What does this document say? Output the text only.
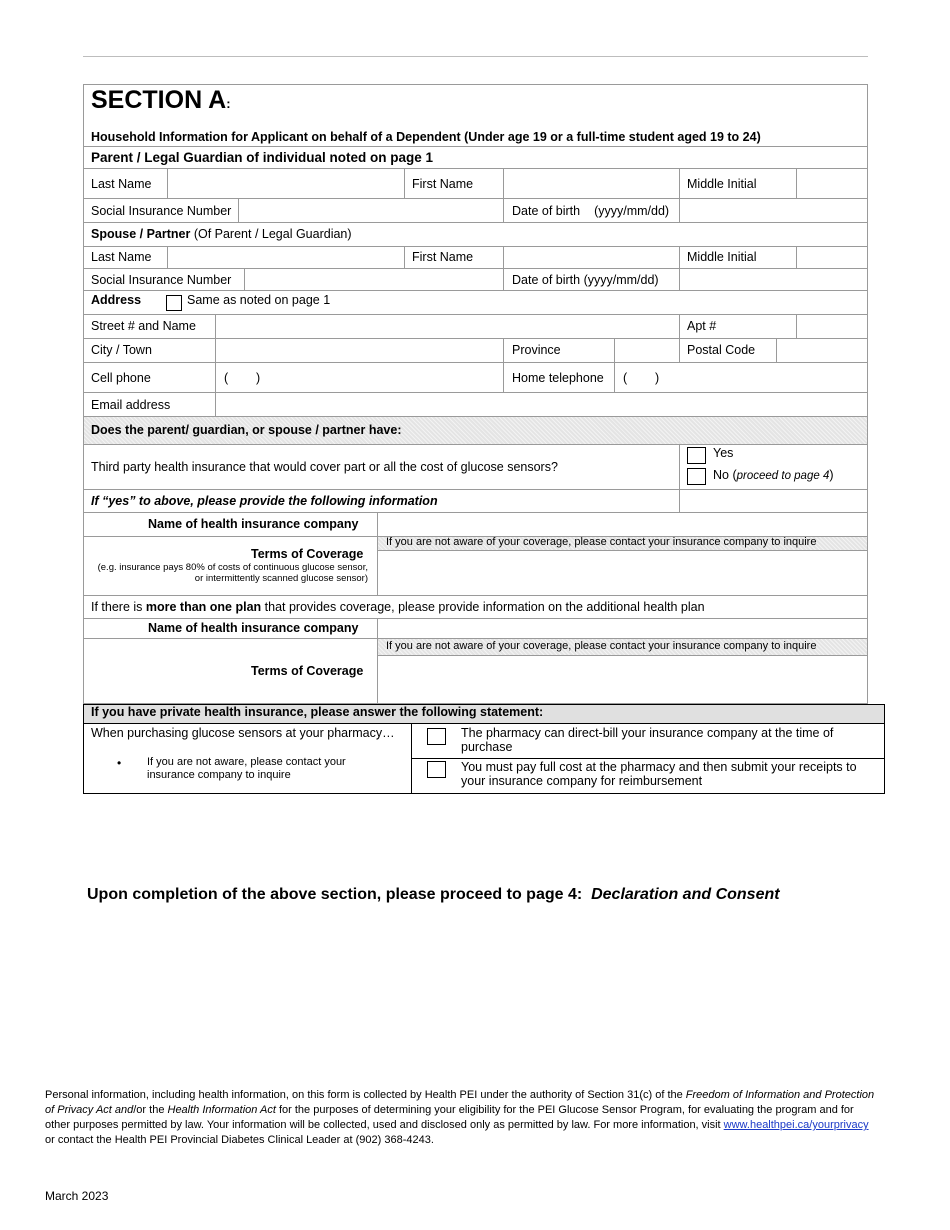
SECTION A:
Household Information for Applicant on behalf of a Dependent (Under age 19 or a full-time student aged 19 to 24)
Parent / Legal Guardian of individual noted on page 1
Last Name	First Name	Middle Initial
Social Insurance Number	Date of birth (yyyy/mm/dd)
Spouse / Partner (Of Parent / Legal Guardian)
Last Name	First Name	Middle Initial
Social Insurance Number	Date of birth (yyyy/mm/dd)
Address	Same as noted on page 1
Street # and Name	Apt #
City / Town	Province	Postal Code
Cell phone	(        )	Home telephone (        )
Email address
Does the parent/ guardian, or spouse / partner have:
Third party health insurance that would cover part or all the cost of glucose sensors?
Yes
No (proceed to page 4)
If “yes” to above, please provide the following information
Name of health insurance company
Terms of Coverage
(e.g. insurance pays 80% of costs of continuous glucose sensor, or intermittently scanned glucose sensor)
If you are not aware of your coverage, please contact your insurance company to inquire
If there is more than one plan that provides coverage, please provide information on the additional health plan
Name of health insurance company
Terms of Coverage
If you are not aware of your coverage, please contact your insurance company to inquire
If you have private health insurance, please answer the following statement:
When purchasing glucose sensors at your pharmacy…
• If you are not aware, please contact your insurance company to inquire
The pharmacy can direct-bill your insurance company at the time of purchase
You must pay full cost at the pharmacy and then submit your receipts to your insurance company for reimbursement
Upon completion of the above section, please proceed to page 4: Declaration and Consent
Personal information, including health information, on this form is collected by Health PEI under the authority of Section 31(c) of the Freedom of Information and Protection of Privacy Act and/or the Health Information Act for the purposes of determining your eligibility for the PEI Glucose Sensor Program, for evaluating the program and for other purposes permitted by law. Your information will be collected, used and disclosed only as permitted by law. For more information, visit www.healthpei.ca/yourprivacy or contact the Health PEI Provincial Diabetes Clinical Leader at (902) 368-4243.
March 2023
